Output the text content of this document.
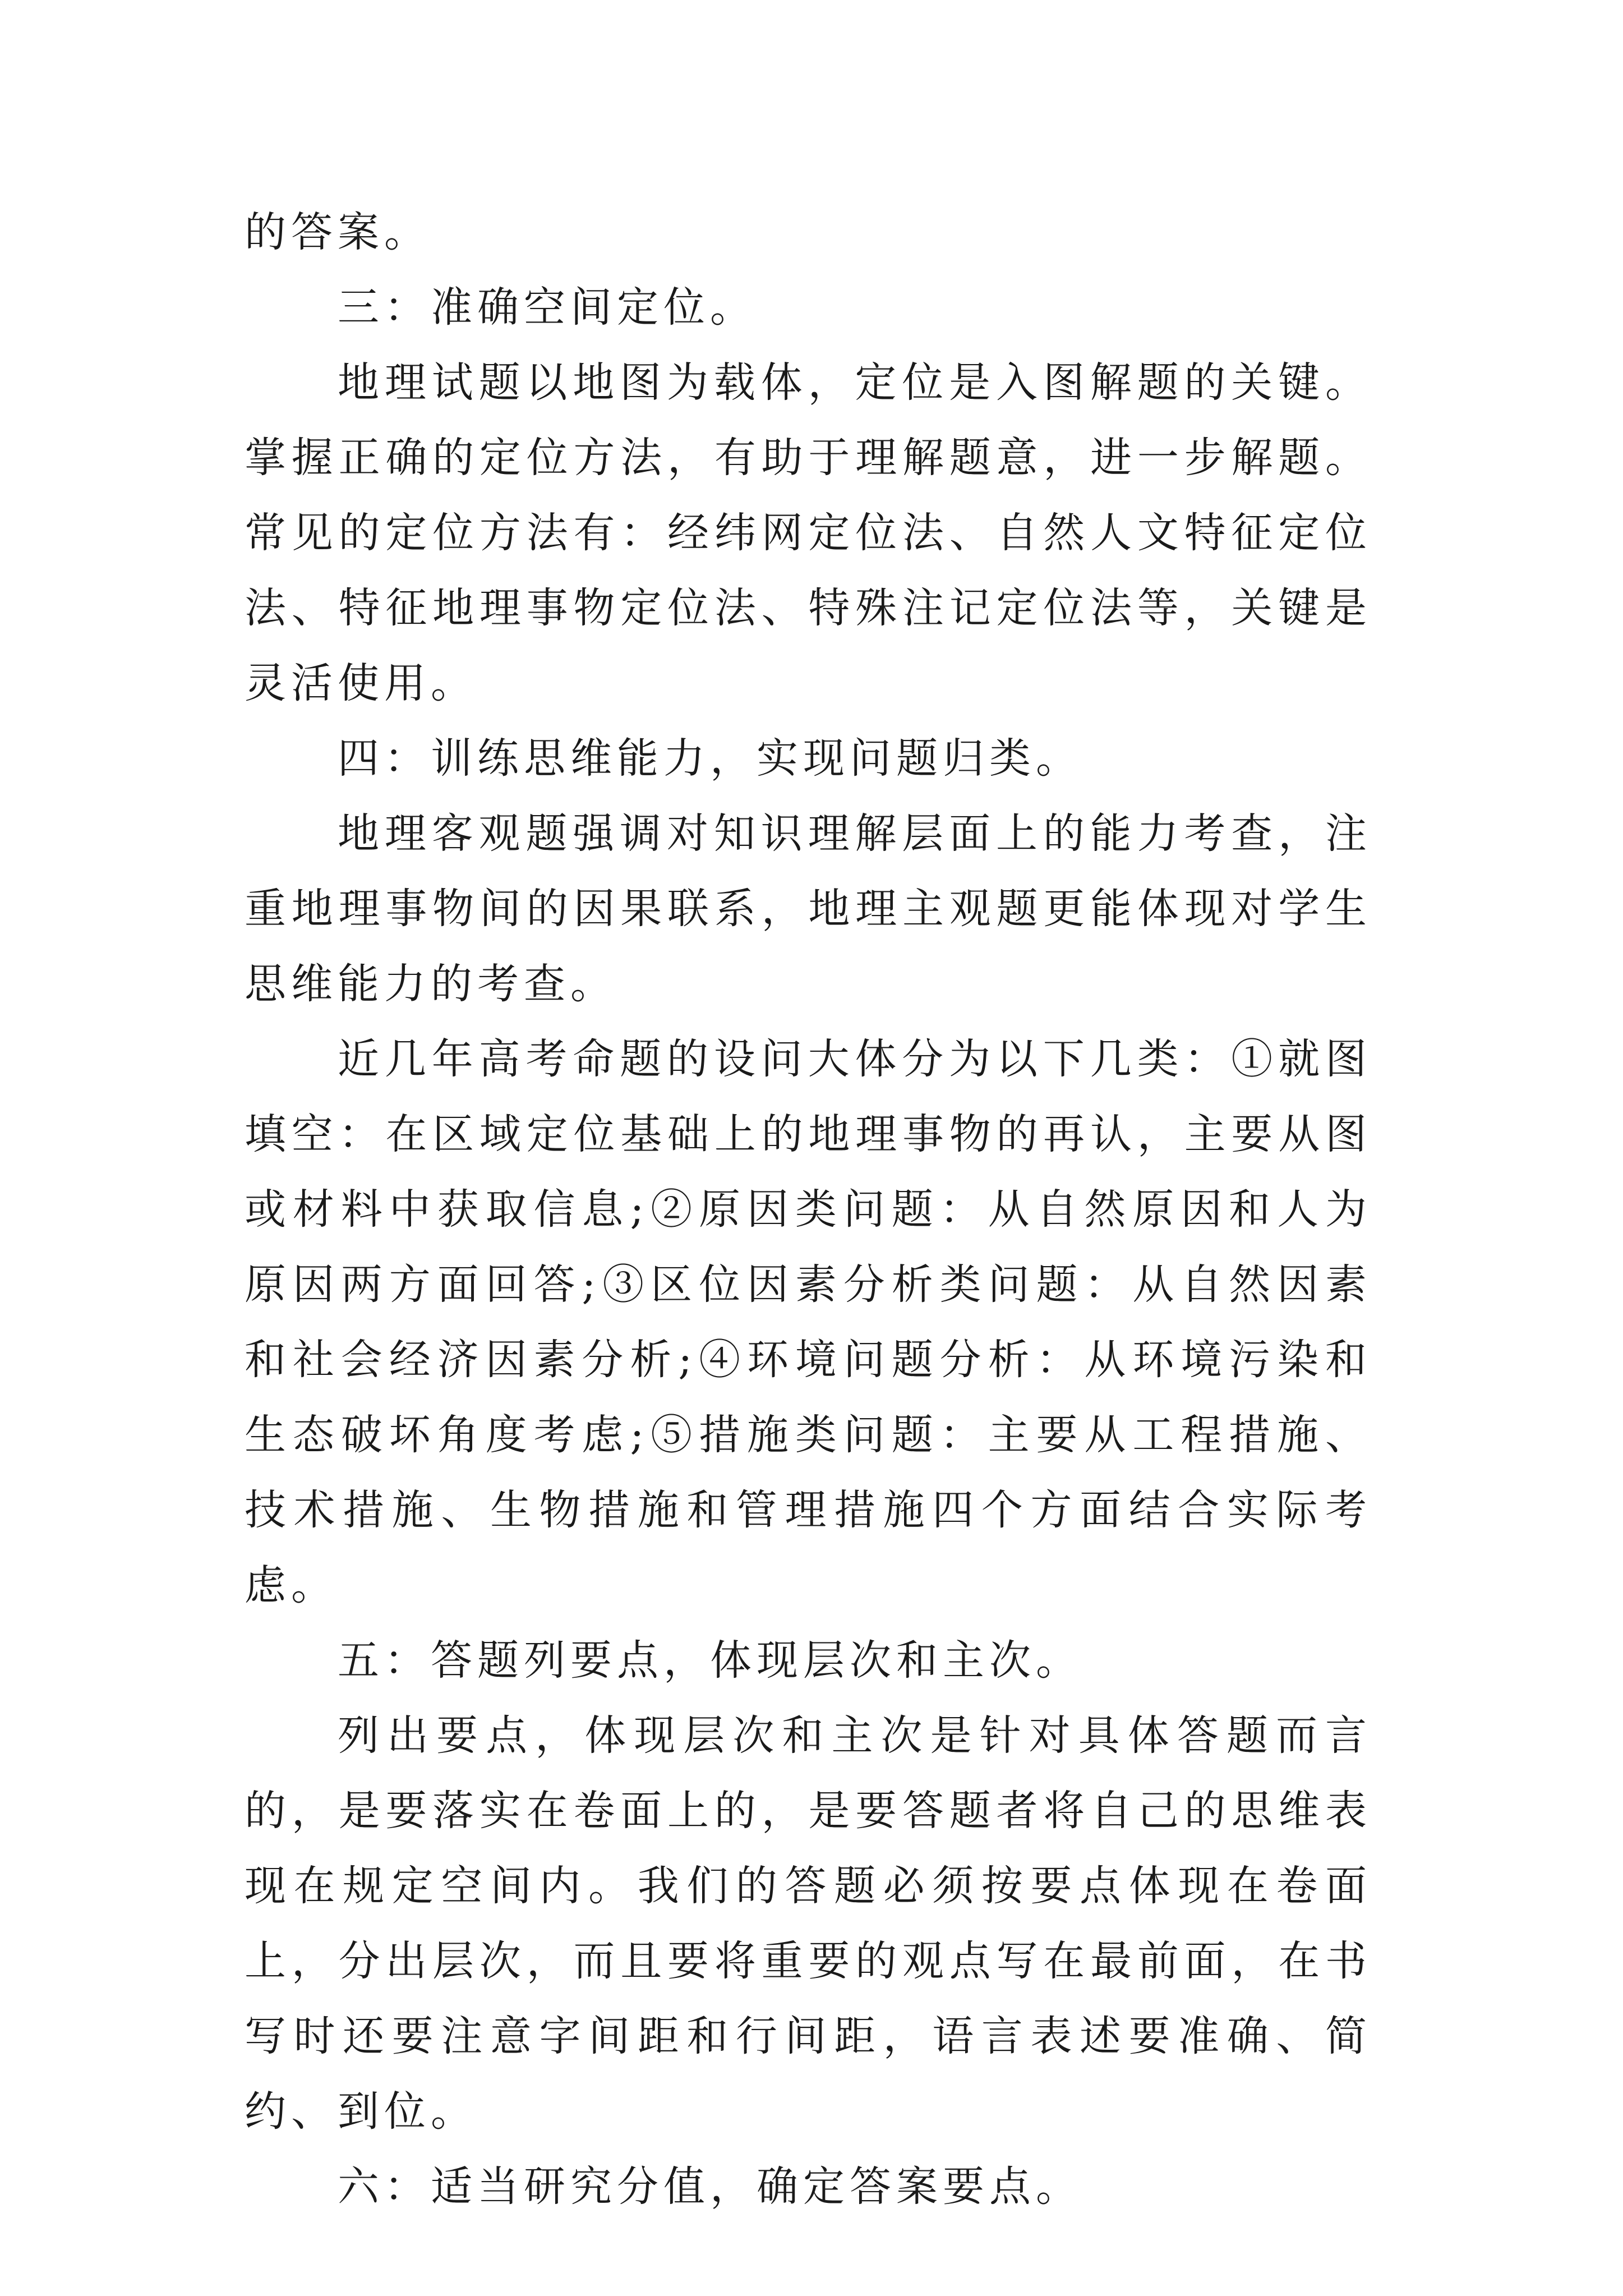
的答案。

三：准确空间定位。

地理试题以地图为载体，定位是入图解题的关键。掌握正确的定位方法，有助于理解题意，进一步解题。常见的定位方法有：经纬网定位法、自然人文特征定位法、特征地理事物定位法、特殊注记定位法等，关键是灵活使用。

四：训练思维能力，实现问题归类。

地理客观题强调对知识理解层面上的能力考查，注重地理事物间的因果联系，地理主观题更能体现对学生思维能力的考查。

近几年高考命题的设问大体分为以下几类：①就图填空：在区域定位基础上的地理事物的再认，主要从图或材料中获取信息;②原因类问题：从自然原因和人为原因两方面回答;③区位因素分析类问题：从自然因素和社会经济因素分析;④环境问题分析：从环境污染和生态破坏角度考虑;⑤措施类问题：主要从工程措施、技术措施、生物措施和管理措施四个方面结合实际考虑。

五：答题列要点，体现层次和主次。

列出要点，体现层次和主次是针对具体答题而言的，是要落实在卷面上的，是要答题者将自己的思维表现在规定空间内。我们的答题必须按要点体现在卷面上，分出层次，而且要将重要的观点写在最前面，在书写时还要注意字间距和行间距，语言表述要准确、简约、到位。

六：适当研究分值，确定答案要点。
